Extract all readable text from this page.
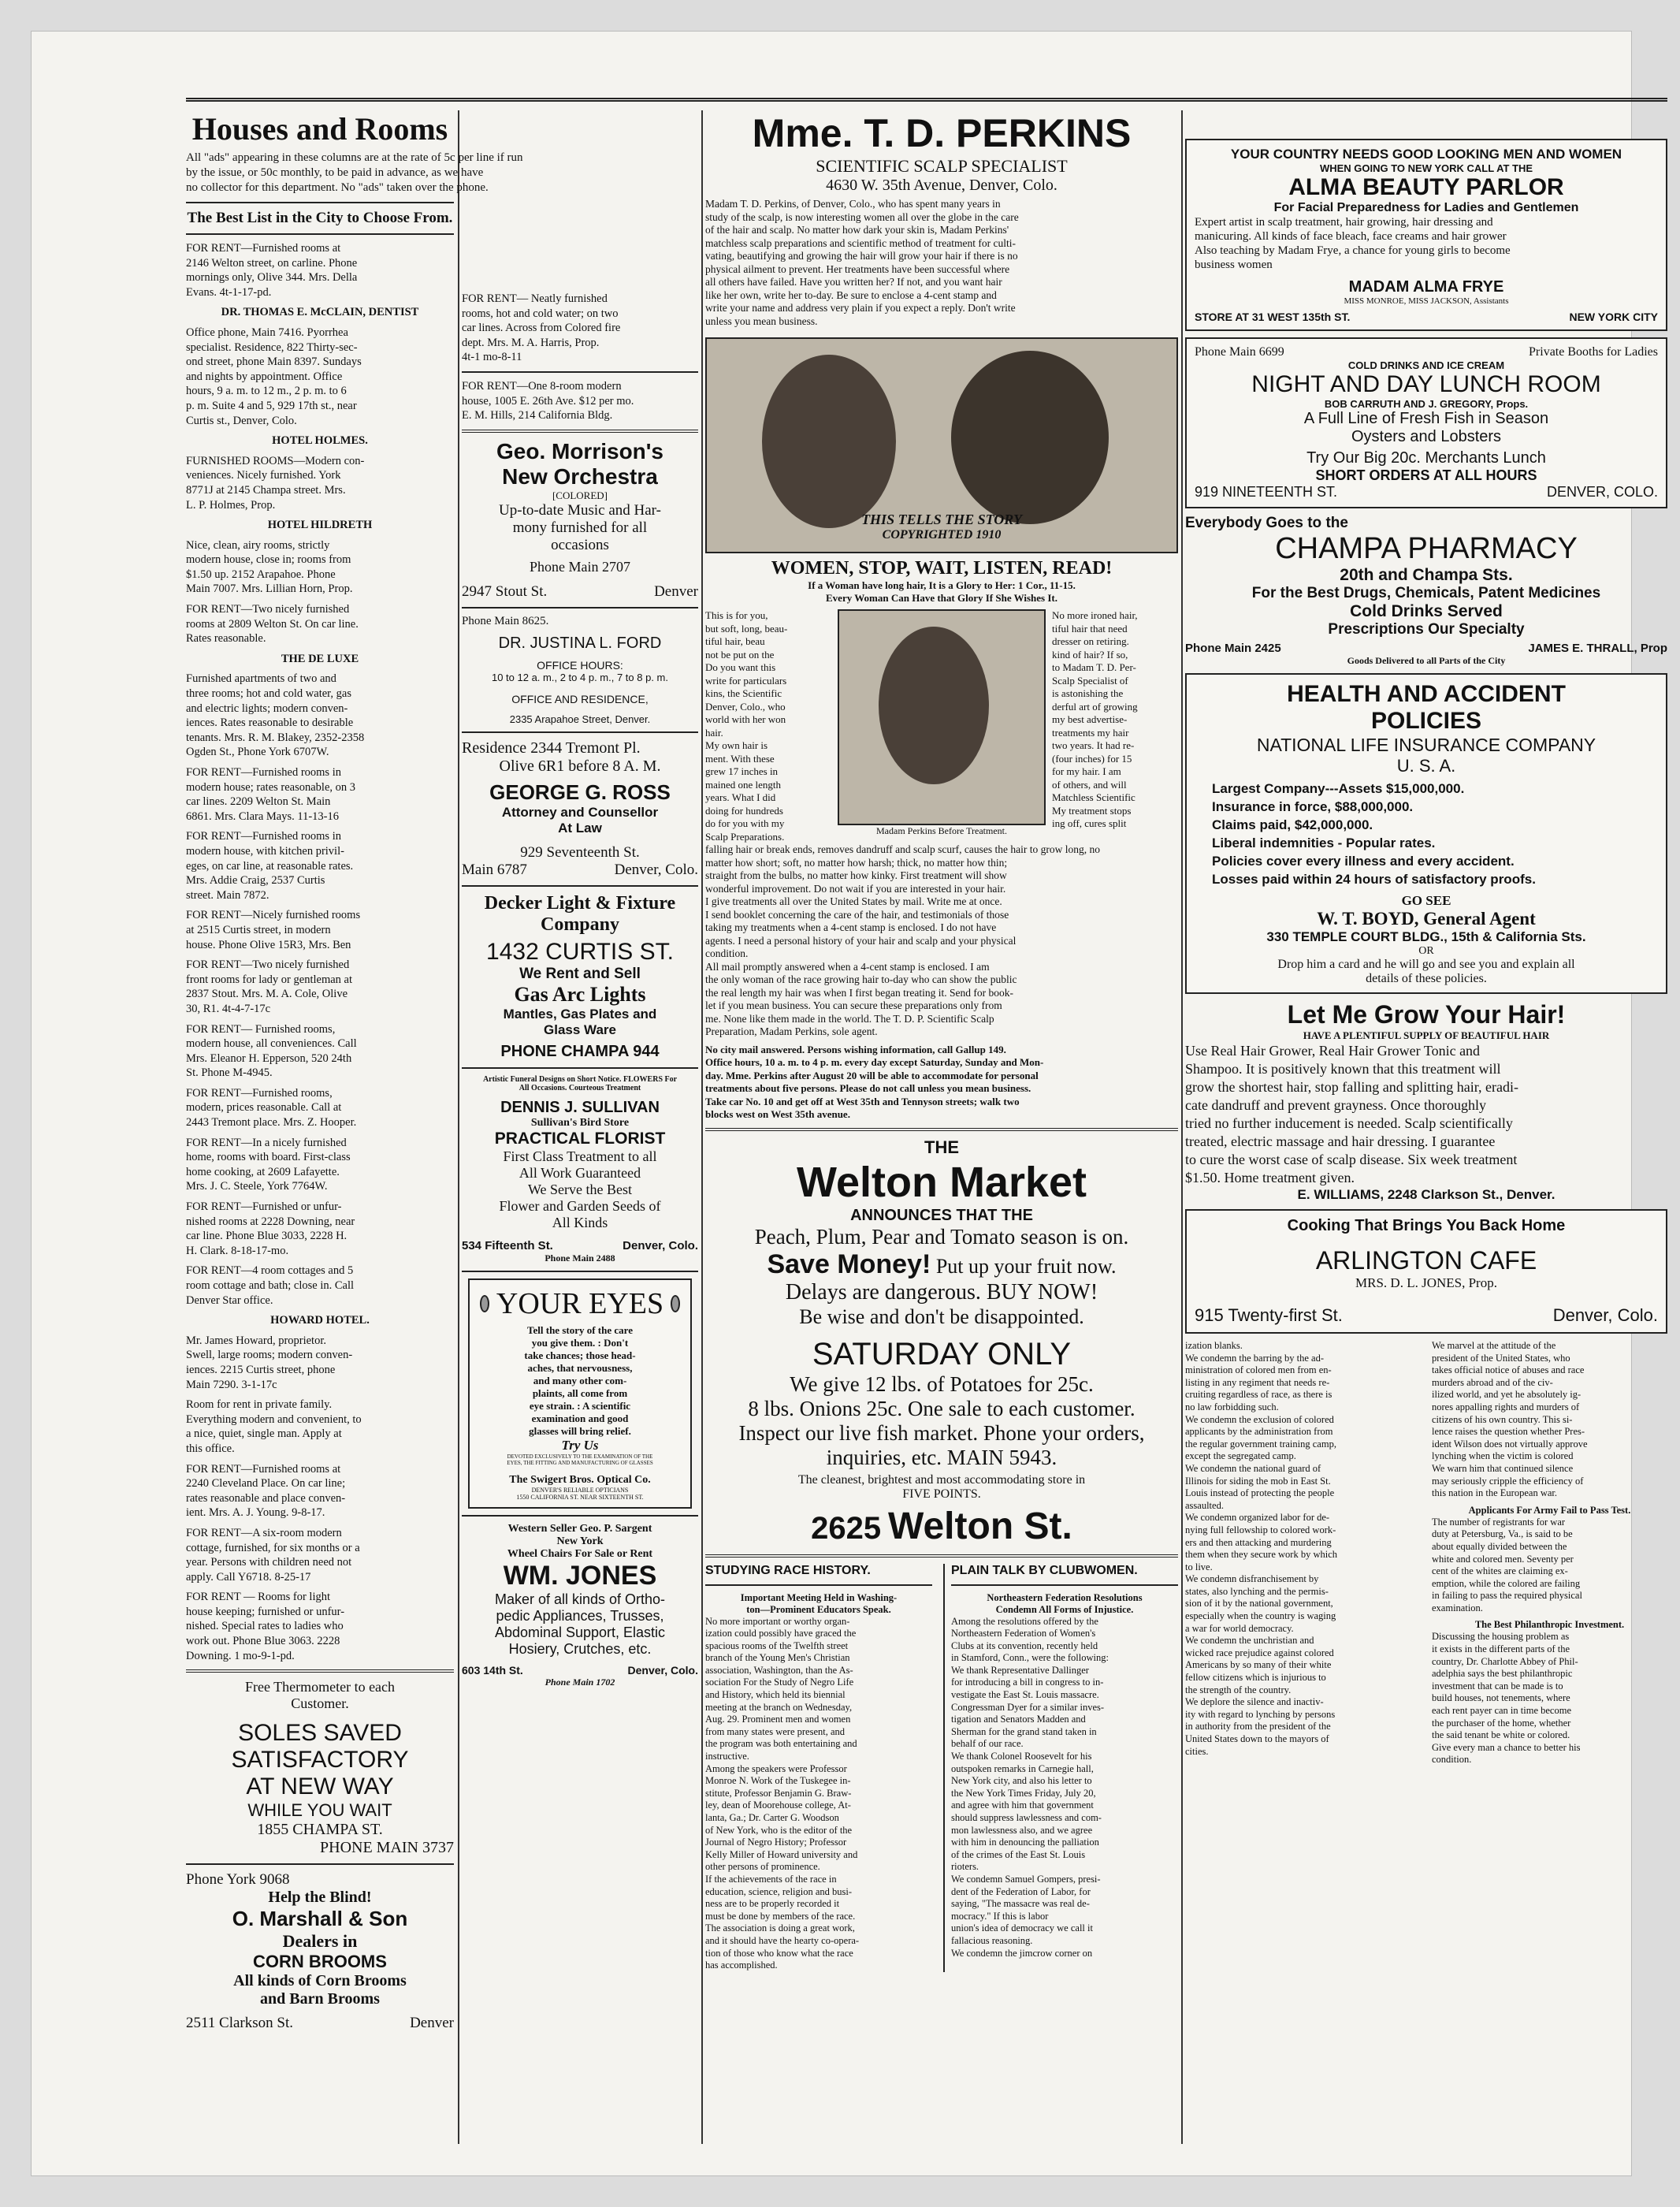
Houses and Rooms

All "ads" appearing in these columns are at the rate of 5c per line if run

by the issue, or 50c monthly, to be paid in advance, as we have

no collector for this department. No "ads" taken over the phone.

The Best List in the City to Choose From.

FOR RENT—Furnished rooms at

2146 Welton street, on carline. Phone

mornings only, Olive 344. Mrs. Della

Evans. 4t-1-17-pd.

DR. THOMAS E. McCLAIN, DENTIST

Office phone, Main 7416. Pyorrhea

specialist. Residence, 822 Thirty-sec-

ond street, phone Main 8397. Sundays

and nights by appointment. Office

hours, 9 a. m. to 12 m., 2 p. m. to 6

p. m. Suite 4 and 5, 929 17th st., near

Curtis st., Denver, Colo.

HOTEL HOLMES.

FURNISHED ROOMS—Modern con-

veniences. Nicely furnished. York

8771J at 2145 Champa street. Mrs.

L. P. Holmes, Prop.

HOTEL HILDRETH

Nice, clean, airy rooms, strictly

modern house, close in; rooms from

$1.50 up. 2152 Arapahoe. Phone

Main 7007. Mrs. Lillian Horn, Prop.

FOR RENT—Two nicely furnished

rooms at 2809 Welton St. On car line.

Rates reasonable.

THE DE LUXE

Furnished apartments of two and

three rooms; hot and cold water, gas

and electric lights; modern conven-

iences. Rates reasonable to desirable

tenants. Mrs. R. M. Blakey, 2352-2358

Ogden St., Phone York 6707W.

FOR RENT—Furnished rooms in

modern house; rates reasonable, on 3

car lines. 2209 Welton St. Main

6861. Mrs. Clara Mays. 11-13-16

FOR RENT—Furnished rooms in

modern house, with kitchen privil-

eges, on car line, at reasonable rates.

Mrs. Addie Craig, 2537 Curtis

street. Main 7872.

FOR RENT—Nicely furnished rooms

at 2515 Curtis street, in modern

house. Phone Olive 15R3, Mrs. Ben

FOR RENT—Two nicely furnished

front rooms for lady or gentleman at

2837 Stout. Mrs. M. A. Cole, Olive

30, R1. 4t-4-7-17c

FOR RENT— Furnished rooms,

modern house, all conveniences. Call

Mrs. Eleanor H. Epperson, 520 24th

St. Phone M-4945.

FOR RENT—Furnished rooms,

modern, prices reasonable. Call at

2443 Tremont place. Mrs. Z. Hooper.

FOR RENT—In a nicely furnished

home, rooms with board. First-class

home cooking, at 2609 Lafayette.

Mrs. J. C. Steele, York 7764W.

FOR RENT—Furnished or unfur-

nished rooms at 2228 Downing, near

car line. Phone Blue 3033, 2228 H.

H. Clark. 8-18-17-mo.

FOR RENT—4 room cottages and 5

room cottage and bath; close in. Call

Denver Star office.

HOWARD HOTEL.

Mr. James Howard, proprietor.

Swell, large rooms; modern conven-

iences. 2215 Curtis street, phone

Main 7290. 3-1-17c

Room for rent in private family.

Everything modern and convenient, to

a nice, quiet, single man. Apply at

this office.

FOR RENT—Furnished rooms at

2240 Cleveland Place. On car line;

rates reasonable and place conven-

ient. Mrs. A. J. Young. 9-8-17.

FOR RENT—A six-room modern

cottage, furnished, for six months or a

year. Persons with children need not

apply. Call Y6718. 8-25-17

FOR RENT — Rooms for light

house keeping; furnished or unfur-

nished. Special rates to ladies who

work out. Phone Blue 3063. 2228

Downing. 1 mo-9-1-pd.

Free Thermometer to each

Customer.

SOLES SAVED

SATISFACTORY

AT NEW WAY

WHILE YOU WAIT

1855 CHAMPA ST.

PHONE MAIN 3737

Phone York 9068

Help the Blind!

O. Marshall & Son

Dealers in

CORN BROOMS

All kinds of Corn Brooms

and Barn Brooms

2511 Clarkson St.	Denver

FOR RENT— Neatly furnished

rooms, hot and cold water; on two

car lines. Across from Colored fire

dept. Mrs. M. A. Harris, Prop.

4t-1 mo-8-11

FOR RENT—One 8-room modern

house, 1005 E. 26th Ave. $12 per mo.

E. M. Hills, 214 California Bldg.

Geo. Morrison's

New Orchestra

[COLORED]

Up-to-date Music and Har-

mony furnished for all

occasions

Phone Main 2707

2947 Stout St.	Denver

Phone Main 8625.

DR. JUSTINA L. FORD

OFFICE HOURS:

10 to 12 a. m., 2 to 4 p. m., 7 to 8 p. m.

OFFICE AND RESIDENCE,

2335 Arapahoe Street, Denver.

Residence 2344 Tremont Pl.

Olive 6R1 before 8 A. M.

GEORGE G. ROSS

Attorney and Counsellor

At Law

929 Seventeenth St.

Main 6787	Denver, Colo.

Decker Light & Fixture

Company

1432 CURTIS ST.

We Rent and Sell

Gas Arc Lights

Mantles, Gas Plates and

Glass Ware

PHONE CHAMPA 944

Artistic Funeral Designs on Short Notice. FLOWERS For

All Occasions. Courteous Treatment

DENNIS J. SULLIVAN

Sullivan's Bird Store

PRACTICAL FLORIST

First Class Treatment to all

All Work Guaranteed

We Serve the Best

Flower and Garden Seeds of

All Kinds

534 Fifteenth St.	Denver, Colo.

Phone Main 2488

YOUR EYES

Tell the story of the care

you give them. : Don't

take chances; those head-

aches, that nervousness,

and many other com-

plaints, all come from

eye strain. : A scientific

examination and good

glasses will bring relief.

Try Us

DEVOTED EXCLUSIVELY TO THE EXAMINATION OF THE

EYES, THE FITTING AND MANUFACTURING OF GLASSES

The Swigert Bros. Optical Co.

DENVER'S RELIABLE OPTICIANS

1550 CALIFORNIA ST. NEAR SIXTEENTH ST.

Western Seller Geo. P. Sargent

New York

Wheel Chairs For Sale or Rent

WM. JONES

Maker of all kinds of Ortho-

pedic Appliances, Trusses,

Abdominal Support, Elastic

Hosiery, Crutches, etc.

603 14th St.	Denver, Colo.

Phone Main 1702

Mme. T. D. PERKINS

SCIENTIFIC SCALP SPECIALIST

4630 W. 35th Avenue, Denver, Colo.

Madam T. D. Perkins, of Denver, Colo., who has spent many years in

study of the scalp, is now interesting women all over the globe in the care

of the hair and scalp. No matter how dark your skin is, Madam Perkins'

matchless scalp preparations and scientific method of treatment for culti-

vating, beautifying and growing the hair will grow your hair if there is no

physical ailment to prevent. Her treatments have been successful where

all others have failed. Have you written her? If not, and you want hair

like her own, write her to-day. Be sure to enclose a 4-cent stamp and

write your name and address very plain if you expect a reply. Don't write

unless you mean business.

THIS TELLS THE STORY

COPYRIGHTED 1910

WOMEN, STOP, WAIT, LISTEN, READ!

If a Woman have long hair, It is a Glory to Her: 1 Cor., 11-15.

Every Woman Can Have that Glory If She Wishes It.

This is for you,

but soft, long, beau-

tiful hair, beau

not be put on the

Do you want this

write for particulars

kins, the Scientific

Denver, Colo., who

world with her won

hair.

My own hair is

ment. With these

grew 17 inches in

mained one length

years. What I did

doing for hundreds

do for you with my

Scalp Preparations.	Madam Perkins Before Treatment.

No more ironed hair,

tiful hair that need

dresser on retiring.

kind of hair? If so,

to Madam T. D. Per-

Scalp Specialist of

is astonishing the

derful art of growing

my best advertise-

treatments my hair

two years. It had re-

(four inches) for 15

for my hair. I am

of others, and will

Matchless Scientific

My treatment stops

ing off, cures split

falling hair or break ends, removes dandruff and scalp scurf, causes the hair to grow long, no

matter how short; soft, no matter how harsh; thick, no matter how thin;

straight from the bulbs, no matter how kinky. First treatment will show

wonderful improvement. Do not wait if you are interested in your hair.

I give treatments all over the United States by mail. Write me at once.

I send booklet concerning the care of the hair, and testimonials of those

taking my treatments when a 4-cent stamp is enclosed. I do not have

agents. I need a personal history of your hair and scalp and your physical

condition.

All mail promptly answered when a 4-cent stamp is enclosed. I am

the only woman of the race growing hair to-day who can show the public

the real length my hair was when I first began treating it. Send for book-

let if you mean business. You can secure these preparations only from

me. None like them made in the world. The T. D. P. Scientific Scalp

Preparation, Madam Perkins, sole agent.

No city mail answered. Persons wishing information, call Gallup 149.

Office hours, 10 a. m. to 4 p. m. every day except Saturday, Sunday and Mon-

day. Mme. Perkins after August 20 will be able to accommodate for personal

treatments about five persons. Please do not call unless you mean business.

Take car No. 10 and get off at West 35th and Tennyson streets; walk two

blocks west on West 35th avenue.

THE

Welton Market

ANNOUNCES THAT THE

Peach, Plum, Pear and Tomato season is on.

Save Money! Put up your fruit now.

Delays are dangerous. BUY NOW!

Be wise and don't be disappointed.

SATURDAY ONLY

We give 12 lbs. of Potatoes for 25c.

8 lbs. Onions 25c. One sale to each customer.

Inspect our live fish market. Phone your orders,

inquiries, etc. MAIN 5943.

The cleanest, brightest and most accommodating store in

FIVE POINTS.

2625 Welton St.

STUDYING RACE HISTORY.

Important Meeting Held in Washing-

ton—Prominent Educators Speak.

No more important or worthy organ-

ization could possibly have graced the

spacious rooms of the Twelfth street

branch of the Young Men's Christian

association, Washington, than the As-

sociation For the Study of Negro Life

and History, which held its biennial

meeting at the branch on Wednesday,

Aug. 29. Prominent men and women

from many states were present, and

the program was both entertaining and

instructive.

Among the speakers were Professor

Monroe N. Work of the Tuskegee in-

stitute, Professor Benjamin G. Braw-

ley, dean of Moorehouse college, At-

lanta, Ga.; Dr. Carter G. Woodson

of New York, who is the editor of the

Journal of Negro History; Professor

Kelly Miller of Howard university and

other persons of prominence.

If the achievements of the race in

education, science, religion and busi-

ness are to be properly recorded it

must be done by members of the race.

The association is doing a great work,

and it should have the hearty co-opera-

tion of those who know what the race

has accomplished.

PLAIN TALK BY CLUBWOMEN.

Northeastern Federation Resolutions

Condemn All Forms of Injustice.

Among the resolutions offered by the

Northeastern Federation of Women's

Clubs at its convention, recently held

in Stamford, Conn., were the following:

We thank Representative Dallinger

for introducing a bill in congress to in-

vestigate the East St. Louis massacre.

Congressman Dyer for a similar inves-

tigation and Senators Madden and

Sherman for the grand stand taken in

behalf of our race.

We thank Colonel Roosevelt for his

outspoken remarks in Carnegie hall,

New York city, and also his letter to

the New York Times Friday, July 20,

and agree with him that government

should suppress lawlessness and com-

mon lawlessness also, and we agree

with him in denouncing the palliation

of the crimes of the East St. Louis

rioters.

We condemn Samuel Gompers, presi-

dent of the Federation of Labor, for

saying, "The massacre was real de-

mocracy." If this is labor

union's idea of democracy we call it

fallacious reasoning.

We condemn the jimcrow corner on

YOUR COUNTRY NEEDS GOOD LOOKING MEN AND WOMEN

WHEN GOING TO NEW YORK CALL AT THE

ALMA BEAUTY PARLOR

For Facial Preparedness for Ladies and Gentlemen

Expert artist in scalp treatment, hair growing, hair dressing and

manicuring. All kinds of face bleach, face creams and hair grower

Also teaching by Madam Frye, a chance for young girls to become

business women

MADAM ALMA FRYE

MISS MONROE, MISS JACKSON, Assistants

STORE AT 31 WEST 135th ST.	NEW YORK CITY

Phone Main 6699	Private Booths for Ladies

COLD DRINKS AND ICE CREAM

NIGHT AND DAY LUNCH ROOM

BOB CARRUTH AND J. GREGORY, Props.

A Full Line of Fresh Fish in Season

Oysters and Lobsters

Try Our Big 20c. Merchants Lunch

SHORT ORDERS AT ALL HOURS

919 NINETEENTH ST.	DENVER, COLO.

Everybody Goes to the

CHAMPA PHARMACY

20th and Champa Sts.

For the Best Drugs, Chemicals, Patent Medicines

Cold Drinks Served

Prescriptions Our Specialty

Phone Main 2425	JAMES E. THRALL, Prop

Goods Delivered to all Parts of the City

HEALTH AND ACCIDENT

POLICIES

NATIONAL LIFE INSURANCE COMPANY

U. S. A.

Largest Company---Assets $15,000,000.

Insurance in force, $88,000,000.

Claims paid, $42,000,000.

Liberal indemnities - Popular rates.

Policies cover every illness and every accident.

Losses paid within 24 hours of satisfactory proofs.

GO SEE

W. T. BOYD, General Agent

330 TEMPLE COURT BLDG., 15th & California Sts.

OR

Drop him a card and he will go and see you and explain all

details of these policies.

Let Me Grow Your Hair!

HAVE A PLENTIFUL SUPPLY OF BEAUTIFUL HAIR

Use Real Hair Grower, Real Hair Grower Tonic and

Shampoo. It is positively known that this treatment will

grow the shortest hair, stop falling and splitting hair, eradi-

cate dandruff and prevent grayness. Once thoroughly

tried no further inducement is needed. Scalp scientifically

treated, electric massage and hair dressing. I guarantee

to cure the worst case of scalp disease. Six week treatment

$1.50. Home treatment given.

E. WILLIAMS, 2248 Clarkson St., Denver.

Cooking That Brings You Back Home

ARLINGTON CAFE

MRS. D. L. JONES, Prop.

915 Twenty-first St.	Denver, Colo.

ization blanks.

We condemn the barring by the ad-

ministration of colored men from en-

listing in any regiment that needs re-

cruiting regardless of race, as there is

no law forbidding such.

We condemn the exclusion of colored

applicants by the administration from

the regular government training camp,

except the segregated camp.

We condemn the national guard of

Illinois for siding the mob in East St.

Louis instead of protecting the people

assaulted.

We condemn organized labor for de-

nying full fellowship to colored work-

ers and then attacking and murdering

them when they secure work by which

to live.

We condemn disfranchisement by

states, also lynching and the permis-

sion of it by the national government,

especially when the country is waging

a war for world democracy.

We condemn the unchristian and

wicked race prejudice against colored

Americans by so many of their white

fellow citizens which is injurious to

the strength of the country.

We deplore the silence and inactiv-

ity with regard to lynching by persons

in authority from the president of the

United States down to the mayors of

cities.

We marvel at the attitude of the

president of the United States, who

takes official notice of abuses and race

murders abroad and of the civ-

ilized world, and yet he absolutely ig-

nores appalling rights and murders of

citizens of his own country. This si-

lence raises the question whether Pres-

ident Wilson does not virtually approve

lynching when the victim is colored

We warn him that continued silence

may seriously cripple the efficiency of

this nation in the European war.

Applicants For Army Fail to Pass Test.

The number of registrants for war

duty at Petersburg, Va., is said to be

about equally divided between the

white and colored men. Seventy per

cent of the whites are claiming ex-

emption, while the colored are failing

in failing to pass the required physical

examination.

The Best Philanthropic Investment.

Discussing the housing problem as

it exists in the different parts of the

country, Dr. Charlotte Abbey of Phil-

adelphia says the best philanthropic

investment that can be made is to

build houses, not tenements, where

each rent payer can in time become

the purchaser of the home, whether

the said tenant be white or colored.

Give every man a chance to better his

condition.
